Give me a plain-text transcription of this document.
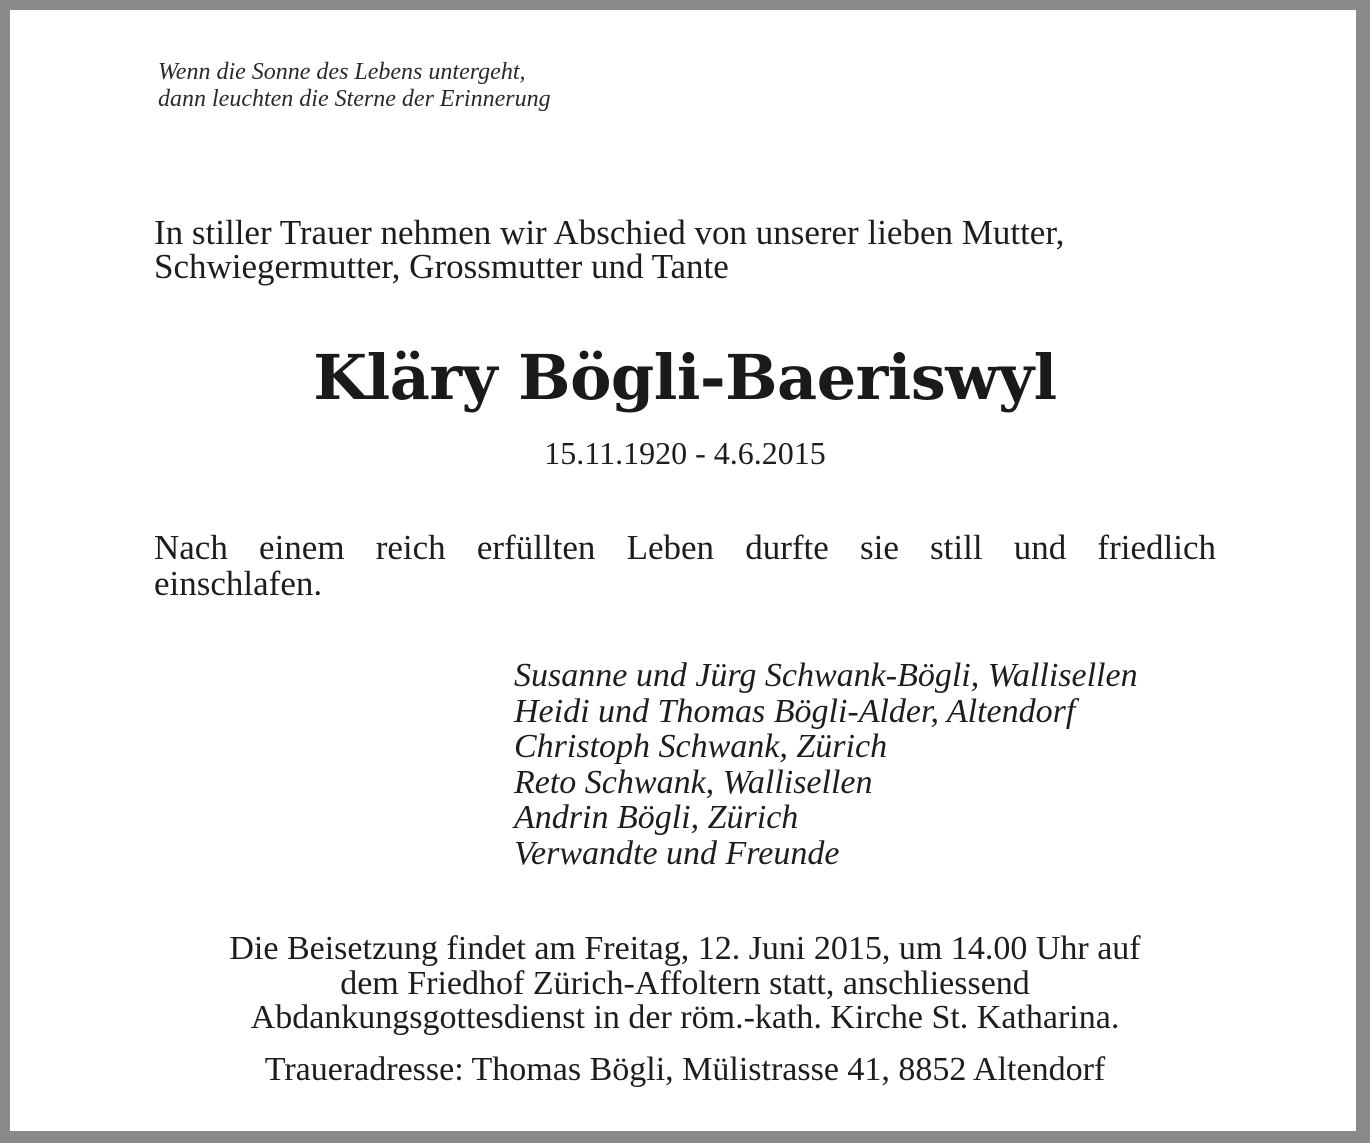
Wenn die Sonne des Lebens untergeht,
dann leuchten die Sterne der Erinnerung
In stiller Trauer nehmen wir Abschied von unserer lieben Mutter,
Schwiegermutter, Grossmutter und Tante
Kläry Bögli-Baeriswyl
15.11.1920 - 4.6.2015
Nach einem reich erfüllten Leben durfte sie still und friedlich
einschlafen.
Susanne und Jürg Schwank-Bögli, Wallisellen
Heidi und Thomas Bögli-Alder, Altendorf
Christoph Schwank, Zürich
Reto Schwank, Wallisellen
Andrin Bögli, Zürich
Verwandte und Freunde
Die Beisetzung findet am Freitag, 12. Juni 2015, um 14.00 Uhr auf
dem Friedhof Zürich-Affoltern statt, anschliessend
Abdankungsgottesdienst in der röm.-kath. Kirche St. Katharina.
Traueradresse: Thomas Bögli, Mülistrasse 41, 8852 Altendorf
